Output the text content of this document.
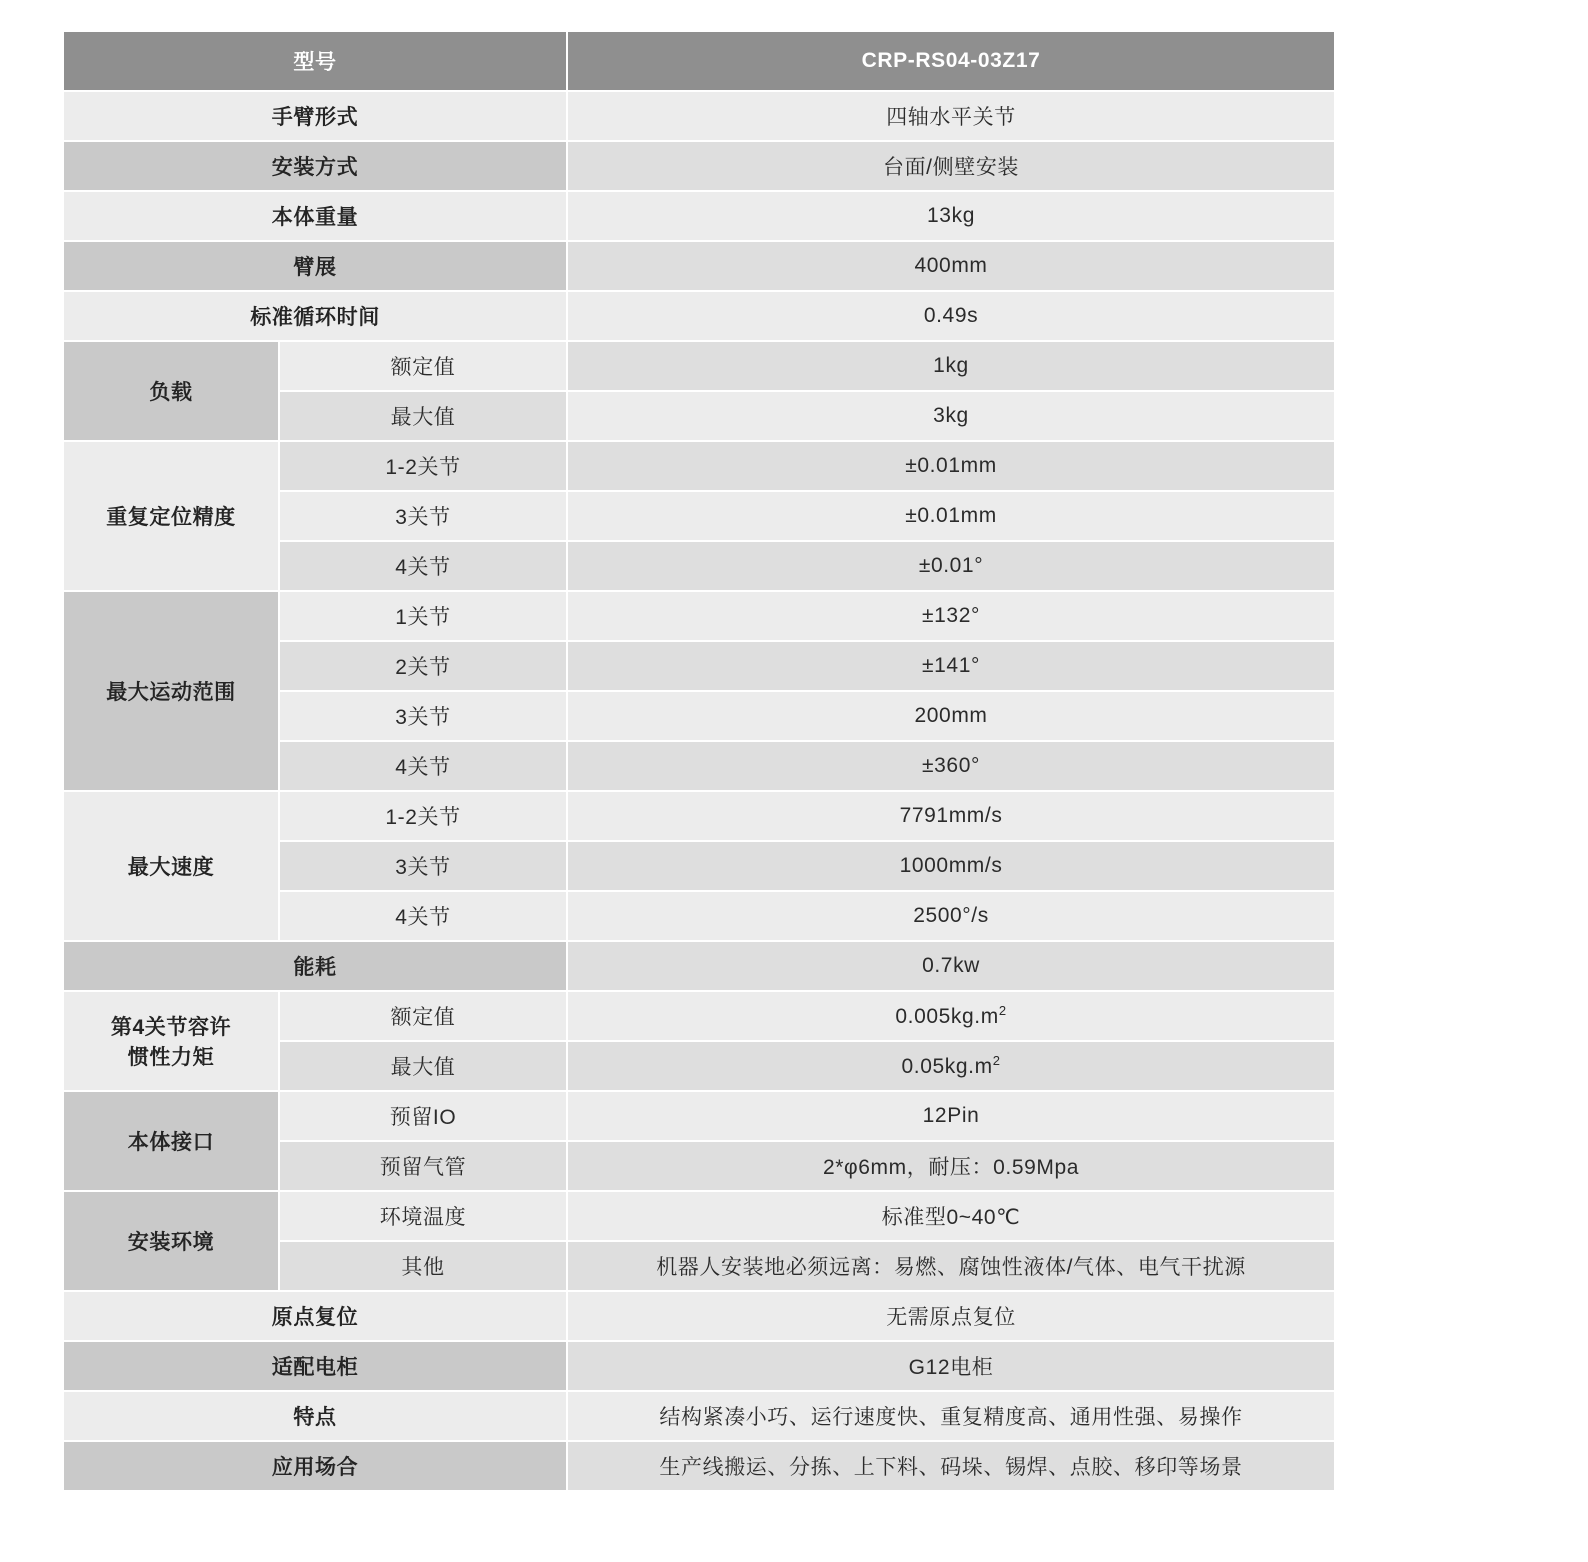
型号		CRP-RS04-03Z17
手臂形式		四轴水平关节
安装方式		台面/侧壁安装
本体重量		13kg
臂展		400mm
标准循环时间		0.49s
负载	额定值	1kg
	最大值	3kg
重复定位精度	1-2关节	±0.01mm
	3关节	±0.01mm
	4关节	±0.01°
最大运动范围	1关节	±132°
	2关节	±141°
	3关节	200mm
	4关节	±360°
最大速度	1-2关节	7791mm/s
	3关节	1000mm/s
	4关节	2500°/s
能耗		0.7kw

第4关节容许
惯性力矩	额定值	$0.005kg.m^2$
	最大值	$0.05kg.m^2$
本体接口	预留IO	12Pin
	预留气管	2*φ6mm，耐压：0.59Mpa
安装环境	环境温度	标准型0~40℃
	其他	机器人安装地必须远离：易燃、腐蚀性液体/气体、电气干扰源
原点复位		无需原点复位
适配电柜		G12电柜
特点		结构紧凑小巧、运行速度快、重复精度高、通用性强、易操作
应用场合		生产线搬运、分拣、上下料、码垛、锡焊、点胶、移印等场景
